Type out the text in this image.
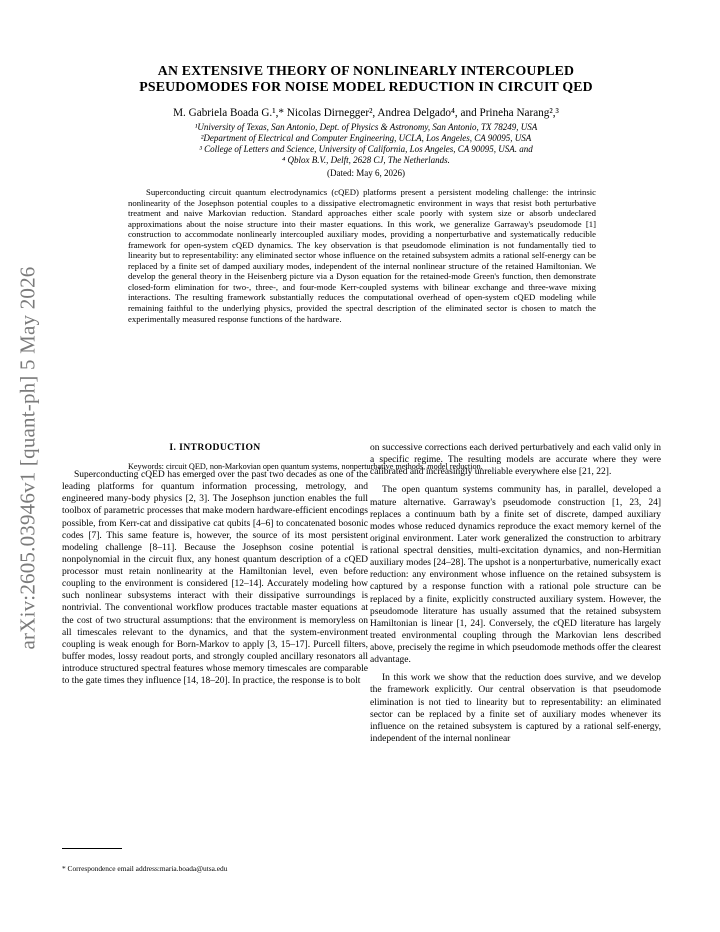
arXiv:2605.03946v1 [quant-ph] 5 May 2026
AN EXTENSIVE THEORY OF NONLINEARLY INTERCOUPLED
PSEUDOMODES FOR NOISE MODEL REDUCTION IN CIRCUIT QED
M. Gabriela Boada G.¹,* Nicolas Dirnegger², Andrea Delgado⁴, and Prineha Narang²,³
¹University of Texas, San Antonio, Dept. of Physics & Astronomy, San Antonio, TX 78249, USA
²Department of Electrical and Computer Engineering, UCLA, Los Angeles, CA 90095, USA
³ College of Letters and Science, University of California, Los Angeles, CA 90095, USA. and
⁴ Qblox B.V., Delft, 2628 CJ, The Netherlands.
(Dated: May 6, 2026)
Superconducting circuit quantum electrodynamics (cQED) platforms present a persistent modeling challenge: the intrinsic nonlinearity of the Josephson potential couples to a dissipative electromagnetic environment in ways that resist both perturbative treatment and naive Markovian reduction. Standard approaches either scale poorly with system size or absorb undeclared approximations about the noise structure into their master equations. In this work, we generalize Garraway's pseudomode [1] construction to accommodate nonlinearly intercoupled auxiliary modes, providing a nonperturbative and systematically reducible framework for open-system cQED dynamics. The key observation is that pseudomode elimination is not fundamentally tied to linearity but to representability: any eliminated sector whose influence on the retained subsystem admits a rational self-energy can be replaced by a finite set of damped auxiliary modes, independent of the internal nonlinear structure of the retained Hamiltonian. We develop the general theory in the Heisenberg picture via a Dyson equation for the retained-mode Green's function, then demonstrate closed-form elimination for two-, three-, and four-mode Kerr-coupled systems with bilinear exchange and three-wave mixing interactions. The resulting framework substantially reduces the computational overhead of open-system cQED modeling while remaining faithful to the underlying physics, provided the spectral description of the eliminated sector is chosen to match the experimentally measured response functions of the hardware.
Keywords: circuit QED, non-Markovian open quantum systems, nonperturbative methods, model reduction.
I. INTRODUCTION

Superconducting cQED has emerged over the past two decades as one of the leading platforms for quantum information processing, metrology, and engineered many-body physics [2, 3]. The Josephson junction enables the full toolbox of parametric processes that make modern hardware-efficient encodings possible, from Kerr-cat and dissipative cat qubits [4–6] to concatenated bosonic codes [7]. This same feature is, however, the source of its most persistent modeling challenge [8–11]. Because the Josephson cosine potential is nonpolynomial in the circuit flux, any honest quantum description of a cQED processor must retain nonlinearity at the Hamiltonian level, even before coupling to the environment is considered [12–14]. Accurately modeling how such nonlinear subsystems interact with their dissipative surroundings is nontrivial. The conventional workflow produces tractable master equations at the cost of two structural assumptions: that the environment is memoryless on all timescales relevant to the dynamics, and that the system-environment coupling is weak enough for Born-Markov to apply [3, 15–17]. Purcell filters, buffer modes, lossy readout ports, and strongly coupled ancillary resonators all introduce structured spectral features whose memory timescales are comparable to the gate times they influence [14, 18–20]. In practice, the response is to bolt

on successive corrections each derived perturbatively and each valid only in a specific regime. The resulting models are accurate where they were calibrated and increasingly unreliable everywhere else [21, 22].

The open quantum systems community has, in parallel, developed a mature alternative. Garraway's pseudomode construction [1, 23, 24] replaces a continuum bath by a finite set of discrete, damped auxiliary modes whose reduced dynamics reproduce the exact memory kernel of the original environment. Later work generalized the construction to arbitrary rational spectral densities, multi-excitation dynamics, and non-Hermitian auxiliary modes [24–28]. The upshot is a nonperturbative, numerically exact reduction: any environment whose influence on the retained subsystem is captured by a response function with a rational pole structure can be replaced by a finite, explicitly constructed auxiliary system. However, the pseudomode literature has usually assumed that the retained subsystem Hamiltonian is linear [1, 24]. Conversely, the cQED literature has largely treated environmental coupling through the Markovian lens described above, precisely the regime in which pseudomode methods offer the clearest advantage.

In this work we show that the reduction does survive, and we develop the framework explicitly. Our central observation is that pseudomode elimination is not tied to linearity but to representability: an eliminated sector can be replaced by a finite set of auxiliary modes whenever its influence on the retained subsystem is captured by a rational self-energy, independent of the internal nonlinear

* Correspondence email address:maria.boada@utsa.edu
